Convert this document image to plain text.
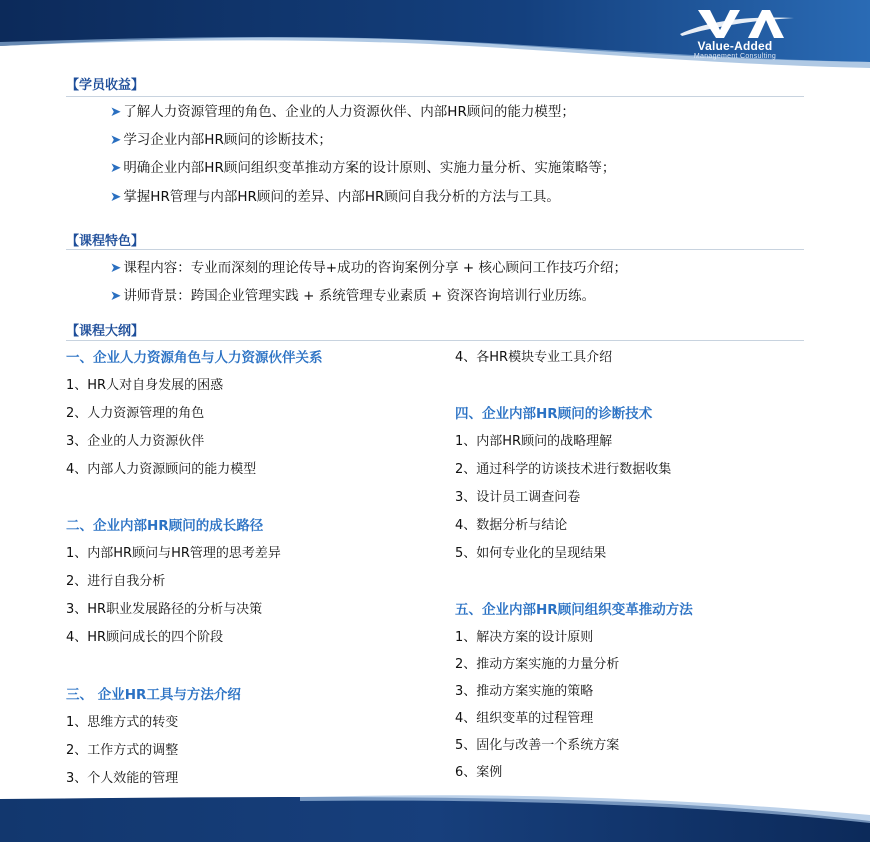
Value-Added
Management Consulting
【学员收益】
➤ 了解人力资源管理的角色、企业的人力资源伙伴、内部HR顾问的能力模型；
➤ 学习企业内部HR顾问的诊断技术；
➤ 明确企业内部HR顾问组织变革推动方案的设计原则、实施力量分析、实施策略等；
➤ 掌握HR管理与内部HR顾问的差异、内部HR顾问自我分析的方法与工具。
【课程特色】
➤ 课程内容：专业而深刻的理论传导+成功的咨询案例分享 + 核心顾问工作技巧介绍；
➤ 讲师背景：跨国企业管理实践 + 系统管理专业素质 + 资深咨询培训行业历练。
【课程大纲】
一、企业人力资源角色与人力资源伙伴关系
1、HR人对自身发展的困惑
2、人力资源管理的角色
3、企业的人力资源伙伴
4、内部人力资源顾问的能力模型
二、企业内部HR顾问的成长路径
1、内部HR顾问与HR管理的思考差异
2、进行自我分析
3、HR职业发展路径的分析与决策
4、HR顾问成长的四个阶段
三、 企业HR工具与方法介绍
1、思维方式的转变
2、工作方式的调整
3、个人效能的管理
4、各HR模块专业工具介绍
四、企业内部HR顾问的诊断技术
1、内部HR顾问的战略理解
2、通过科学的访谈技术进行数据收集
3、设计员工调查问卷
4、数据分析与结论
5、如何专业化的呈现结果
五、企业内部HR顾问组织变革推动方法
1、解决方案的设计原则
2、推动方案实施的力量分析
3、推动方案实施的策略
4、组织变革的过程管理
5、固化与改善一个系统方案
6、案例
